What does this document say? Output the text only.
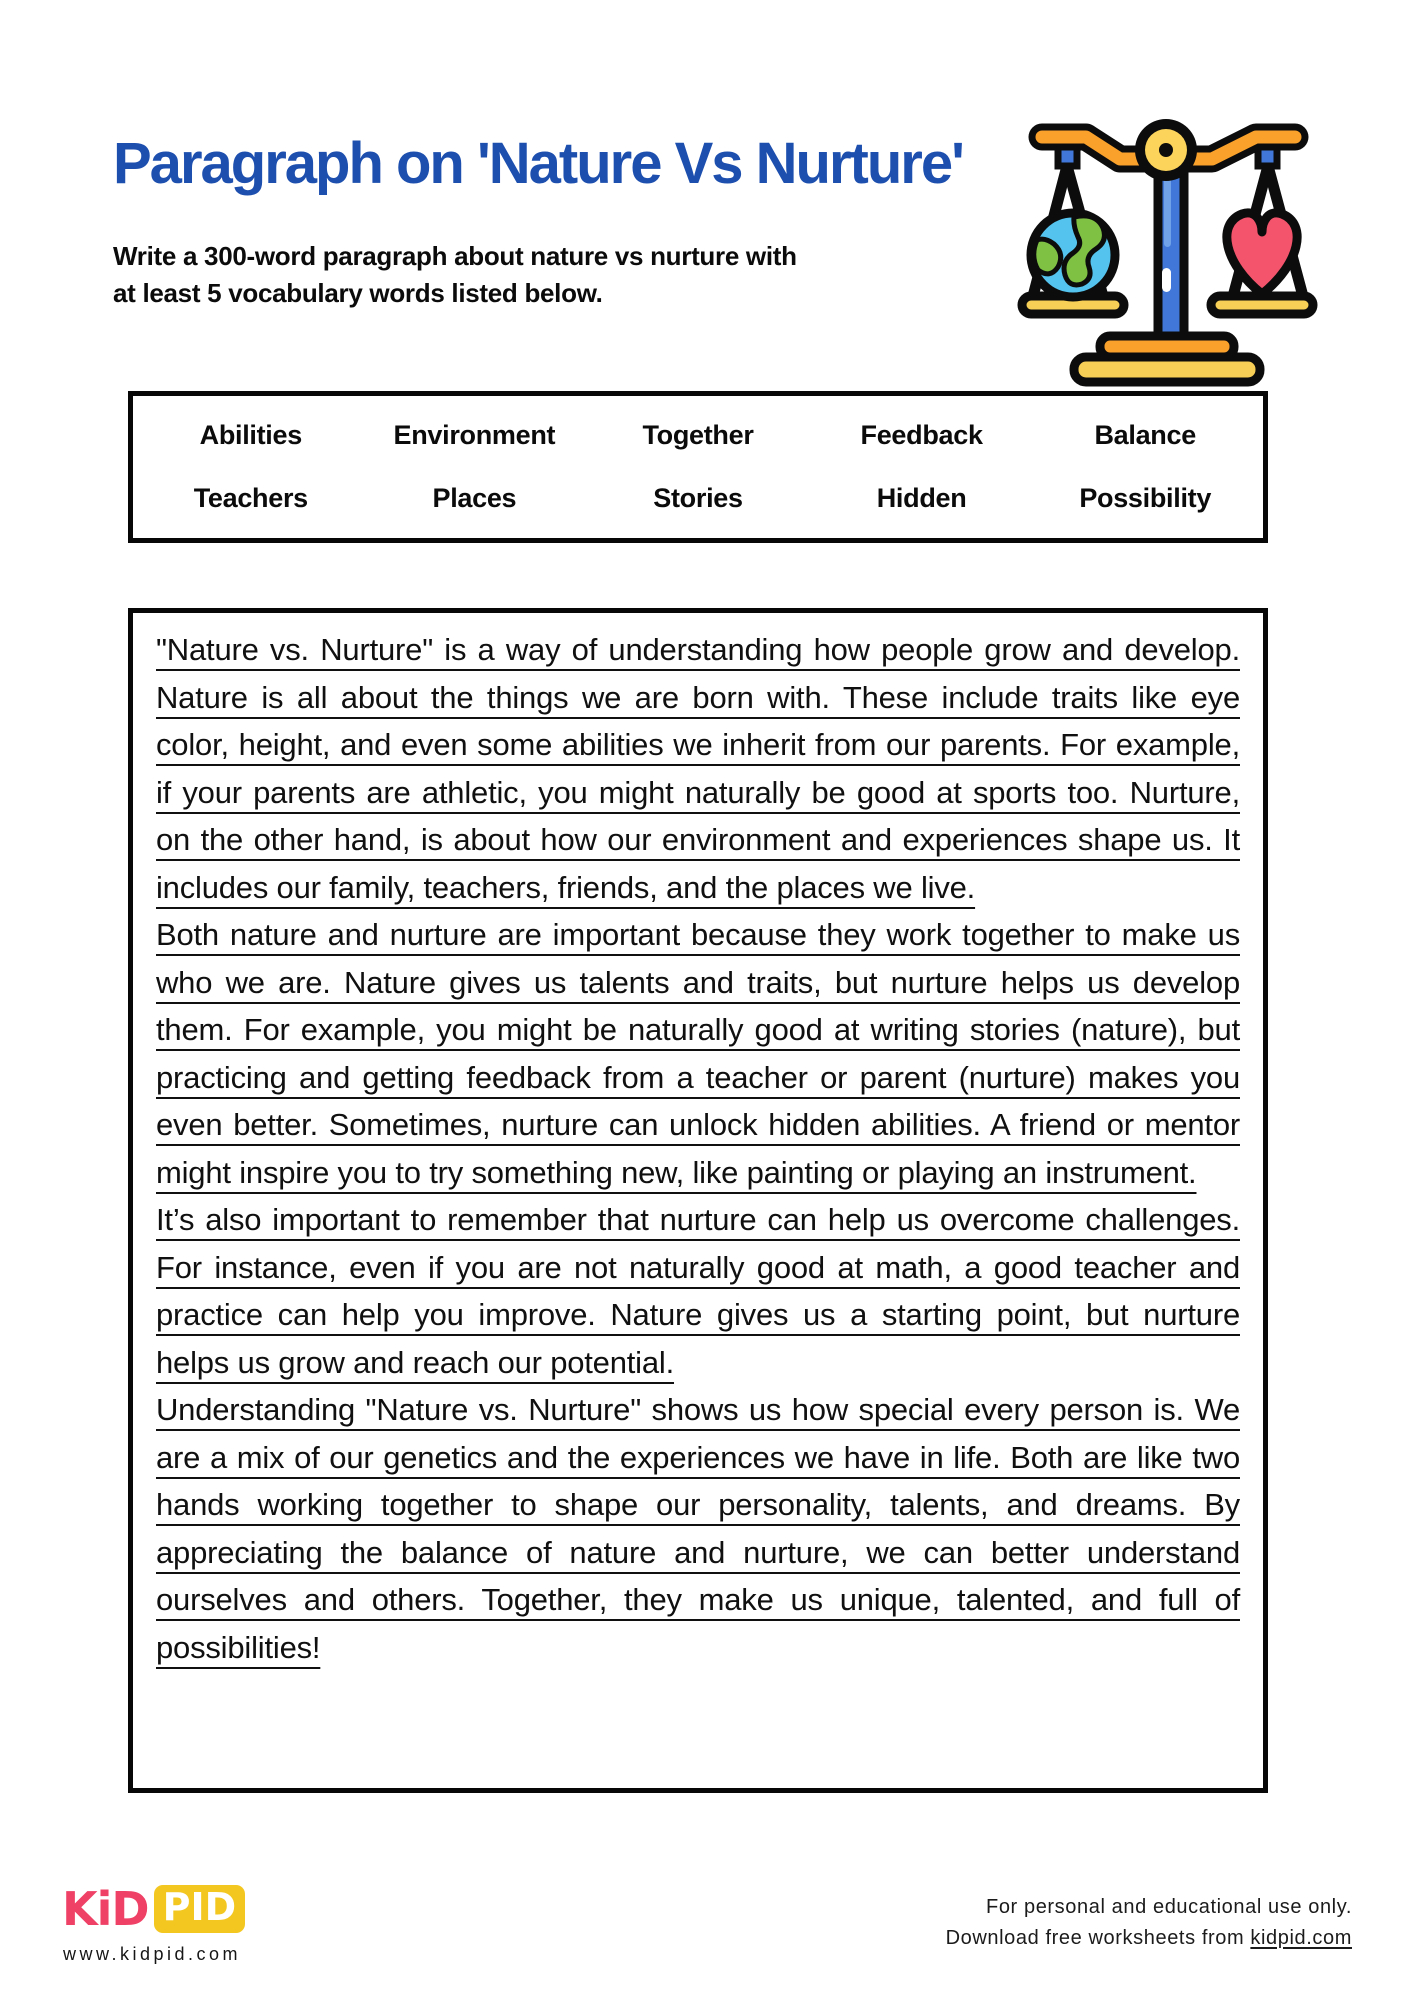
Paragraph on 'Nature Vs Nurture'
Write a 300-word paragraph about nature vs nurture with
at least 5 vocabulary words listed below.
Abilities	Environment	Together	Feedback	Balance
Teachers	Places	Stories	Hidden	Possibility

"Nature vs. Nurture" is a way of understanding how people grow and develop. Nature is all about the things we are born with. These include traits like eye color, height, and even some abilities we inherit from our parents. For example, if your parents are athletic, you might naturally be good at sports too. Nurture, on the other hand, is about how our environment and experiences shape us. It includes our family, teachers, friends, and the places we live.

Both nature and nurture are important because they work together to make us who we are. Nature gives us talents and traits, but nurture helps us develop them. For example, you might be naturally good at writing stories (nature), but practicing and getting feedback from a teacher or parent (nurture) makes you even better. Sometimes, nurture can unlock hidden abilities. A friend or mentor might inspire you to try something new, like painting or playing an instrument.

It’s also important to remember that nurture can help us overcome challenges. For instance, even if you are not naturally good at math, a good teacher and practice can help you improve. Nature gives us a starting point, but nurture helps us grow and reach our potential.

Understanding "Nature vs. Nurture" shows us how special every person is. We are a mix of our genetics and the experiences we have in life. Both are like two hands working together to shape our personality, talents, and dreams. By appreciating the balance of nature and nurture, we can better understand ourselves and others. Together, they make us unique, talented, and full of possibilities!

KiD PID
www.kidpid.com
For personal and educational use only.
Download free worksheets from kidpid.com
